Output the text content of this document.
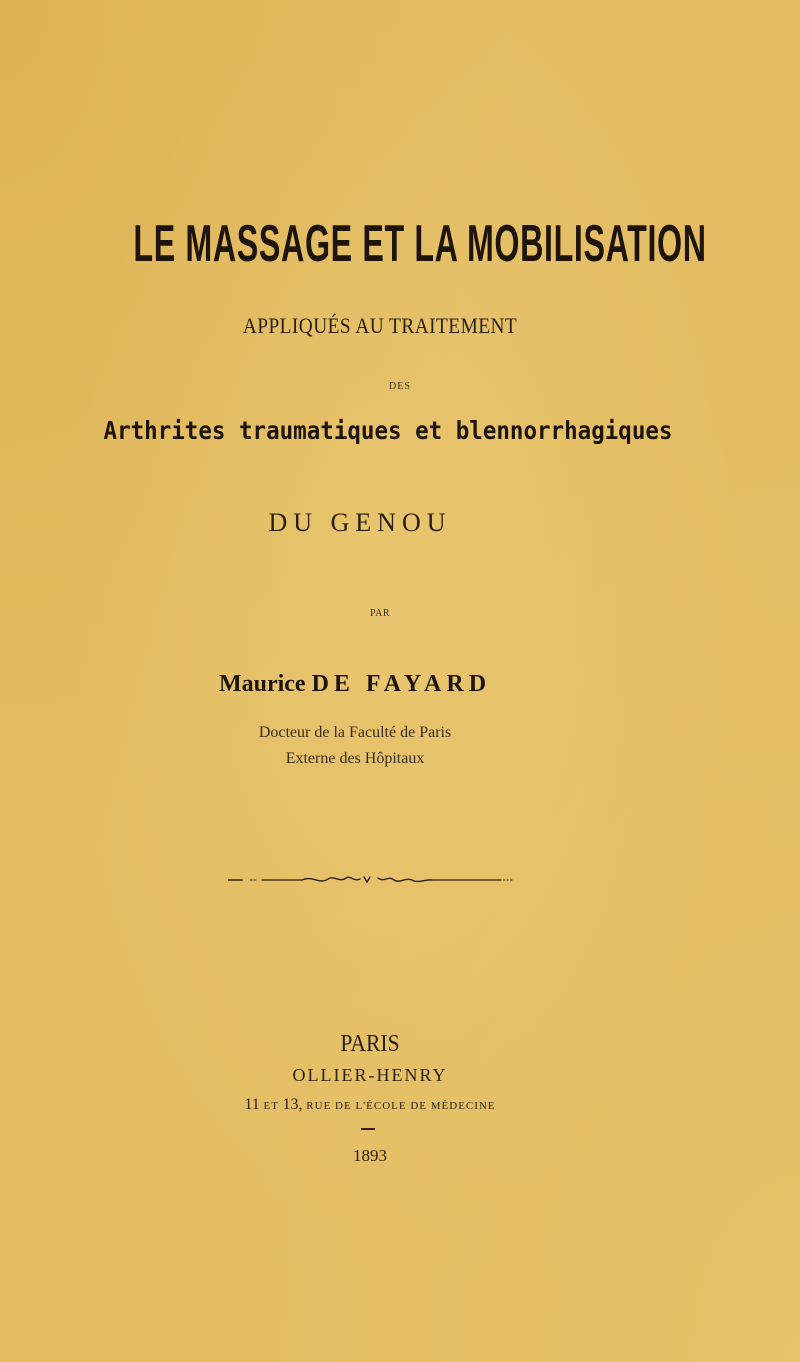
LE MASSAGE ET LA MOBILISATION
APPLIQUÉS AU TRAITEMENT
DES
Arthrites traumatiques et blennorrhagiques
DU GENOU
PAR
Maurice DE FAYARD
Docteur de la Faculté de Paris
Externe des Hôpitaux
PARIS
OLLIER-HENRY
11 ET 13, RUE DE L'ÉCOLE DE MÉDECINE
1893
